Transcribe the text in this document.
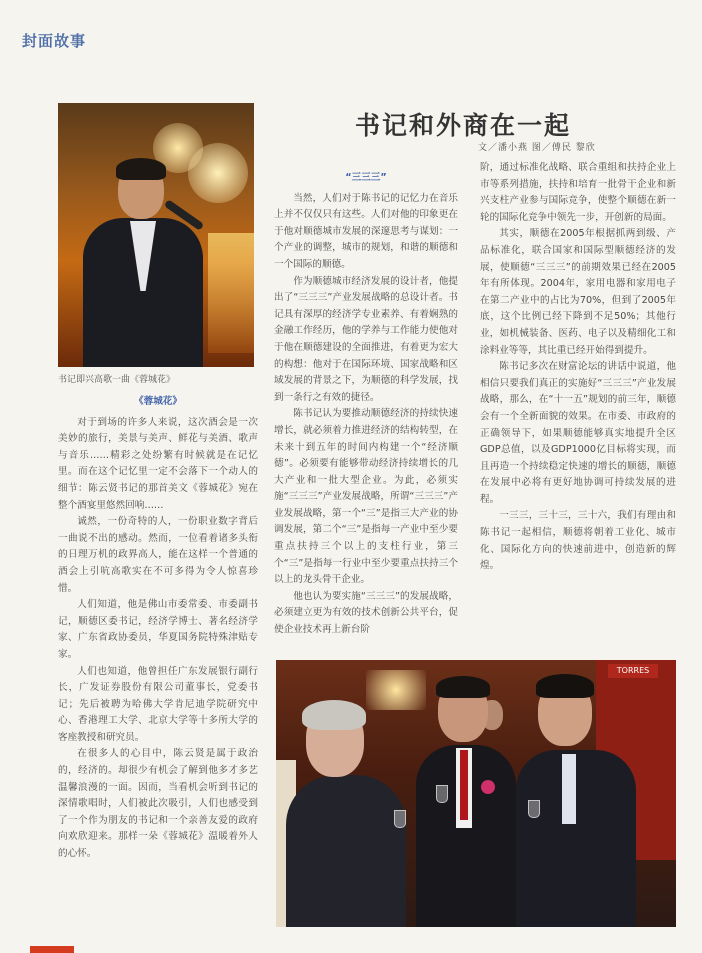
封面故事
书记即兴高歌一曲《蓉城花》
书记和外商在一起
文／潘小燕 图／傅民 黎欣

《蓉城花》

对于到场的许多人来说，这次酒会是一次美妙的旅行，美景与美声、鲜花与美酒、歌声与音乐……精彩之处纷繁有时候就是在记忆里。而在这个记忆里一定不会落下一个动人的细节：陈云贤书记的那首美文《蓉城花》宛在整个酒宴里悠然回响……

诚然，一份奇特的人，一份职业数字背后一曲说不出的感动。然而，一位看着诸多头衔的日理万机的政界高人，能在这样一个普通的酒会上引吭高歌实在不可多得为令人惊喜珍惜。

人们知道，他是佛山市委常委、市委副书记，顺德区委书记，经济学博士、著名经济学家、广东省政协委员，华夏国务院特殊津贴专家。

人们也知道，他曾担任广东发展银行副行长，广发证券股份有限公司董事长，党委书记；先后被聘为哈佛大学肯尼迪学院研究中心、香港理工大学、北京大学等十多所大学的客座教授和研究员。

在很多人的心目中，陈云贤是属于政治的，经济的。却很少有机会了解到他多才多艺温馨浪漫的一面。因而，当看机会听到书记的深情歌唱时，人们被此次吸引，人们也感受到了一个作为朋友的书记和一个亲善友爱的政府向欢欣迎来。那样一朵《蓉城花》温暖着外人的心怀。

“三三三”

当然，人们对于陈书记的记忆力在音乐上并不仅仅只有这些。人们对他的印象更在于他对顺德城市发展的深邃思考与谋划：一个产业的调整，城市的规划，和谐的顺德和一个国际的顺德。

作为顺德城市经济发展的设计者，他提出了“三三三”产业发展战略的总设计者。书记具有深厚的经济学专业素养、有着娴熟的金融工作经历，他的学养与工作能力使他对于他在顺德建设的全面推进，有着更为宏大的构想：他对于在国际环境、国家战略和区域发展的背景之下，为顺德的科学发展，找到一条行之有效的捷径。

陈书记认为要推动顺德经济的持续快速增长，就必须着力推进经济的结构转型，在未来十到五年的时间内构建一个“经济顺德”。必须要有能够带动经济持续增长的几大产业和一批大型企业。为此，必须实施“三三三”产业发展战略，所谓“三三三”产业发展战略，第一个“三”是指三大产业的协调发展，第二个“三”是指每一产业中至少要重点扶持三个以上的支柱行业，第三个“三”是指每一行业中至少要重点扶持三个以上的龙头骨干企业。

他也认为要实施“三三三”的发展战略，必须建立更为有效的技术创新公共平台，促使企业技术再上新台阶

阶，通过标准化战略、联合重组和扶持企业上市等系列措施，扶持和培育一批骨干企业和新兴支柱产业参与国际竞争，使整个顺德在新一轮的国际化竞争中领先一步，开创新的局面。

其实，顺德在2005年根据抓两到级、产品标准化，联合国家和国际型顺德经济的发展，使顺德“三三三”的前期效果已经在2005年有所体现。2004年，家用电器和家用电子在第二产业中的占比为70%，但到了2005年底，这个比例已经下降到不足50%；其他行业，如机械装备、医药、电子以及精细化工和涂料业等等，其比重已经开始得到提升。

陈书记多次在财富论坛的讲话中说道，他相信只要我们真正的实施好“三三三”产业发展战略，那么，在“十一五”规划的前三年，顺德会有一个全新面貌的效果。在市委、市政府的正确领导下，如果顺德能够真实地提升全区GDP总值，以及GDP1000亿目标将实现，而且再造一个持续稳定快速的增长的顺德，顺德在发展中必将有更好地协调可持续发展的进程。

一三三，三十三，三十六，我们有理由和陈书记一起相信，顺德将朝着工业化、城市化、国际化方向的快速前进中，创造新的辉煌。

TORRES
